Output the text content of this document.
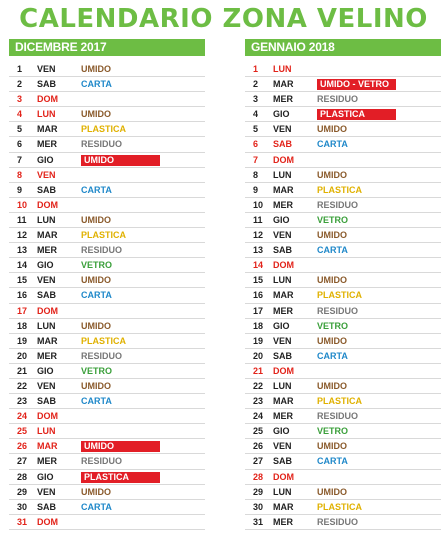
CALENDARIO ZONA VELINO
DICEMBRE 2017
1	VEN	UMIDO
2	SAB	CARTA
3	DOM
4	LUN	UMIDO
5	MAR	PLASTICA
6	MER	RESIDUO
7	GIO	UMIDO
8	VEN
9	SAB	CARTA
10	DOM
11	LUN	UMIDO
12	MAR	PLASTICA
13	MER	RESIDUO
14	GIO	VETRO
15	VEN	UMIDO
16	SAB	CARTA
17	DOM
18	LUN	UMIDO
19	MAR	PLASTICA
20	MER	RESIDUO
21	GIO	VETRO
22	VEN	UMIDO
23	SAB	CARTA
24	DOM
25	LUN
26	MAR	UMIDO
27	MER	RESIDUO
28	GIO	PLASTICA
29	VEN	UMIDO
30	SAB	CARTA
31	DOM
GENNAIO 2018
1	LUN
2	MAR	UMIDO - VETRO
3	MER	RESIDUO
4	GIO	PLASTICA
5	VEN	UMIDO
6	SAB	CARTA
7	DOM
8	LUN	UMIDO
9	MAR	PLASTICA
10	MER	RESIDUO
11	GIO	VETRO
12	VEN	UMIDO
13	SAB	CARTA
14	DOM
15	LUN	UMIDO
16	MAR	PLASTICA
17	MER	RESIDUO
18	GIO	VETRO
19	VEN	UMIDO
20	SAB	CARTA
21	DOM
22	LUN	UMIDO
23	MAR	PLASTICA
24	MER	RESIDUO
25	GIO	VETRO
26	VEN	UMIDO
27	SAB	CARTA
28	DOM
29	LUN	UMIDO
30	MAR	PLASTICA
31	MER	RESIDUO
